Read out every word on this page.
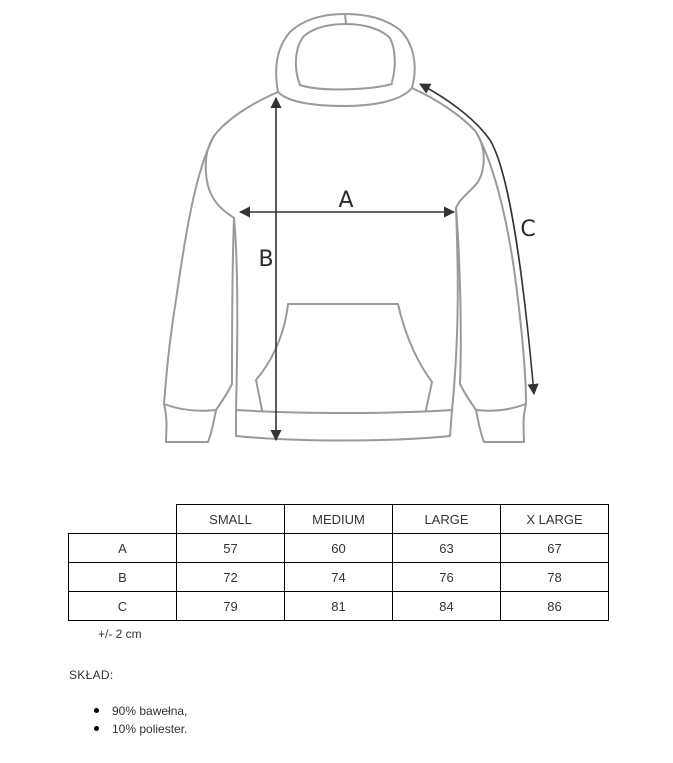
A
B
C
	SMALL	MEDIUM	LARGE	X LARGE
A	57	60	63	67
B	72	74	76	78
C	79	81	84	86
+/- 2 cm
SKŁAD:
90% bawełna,
10% poliester.
